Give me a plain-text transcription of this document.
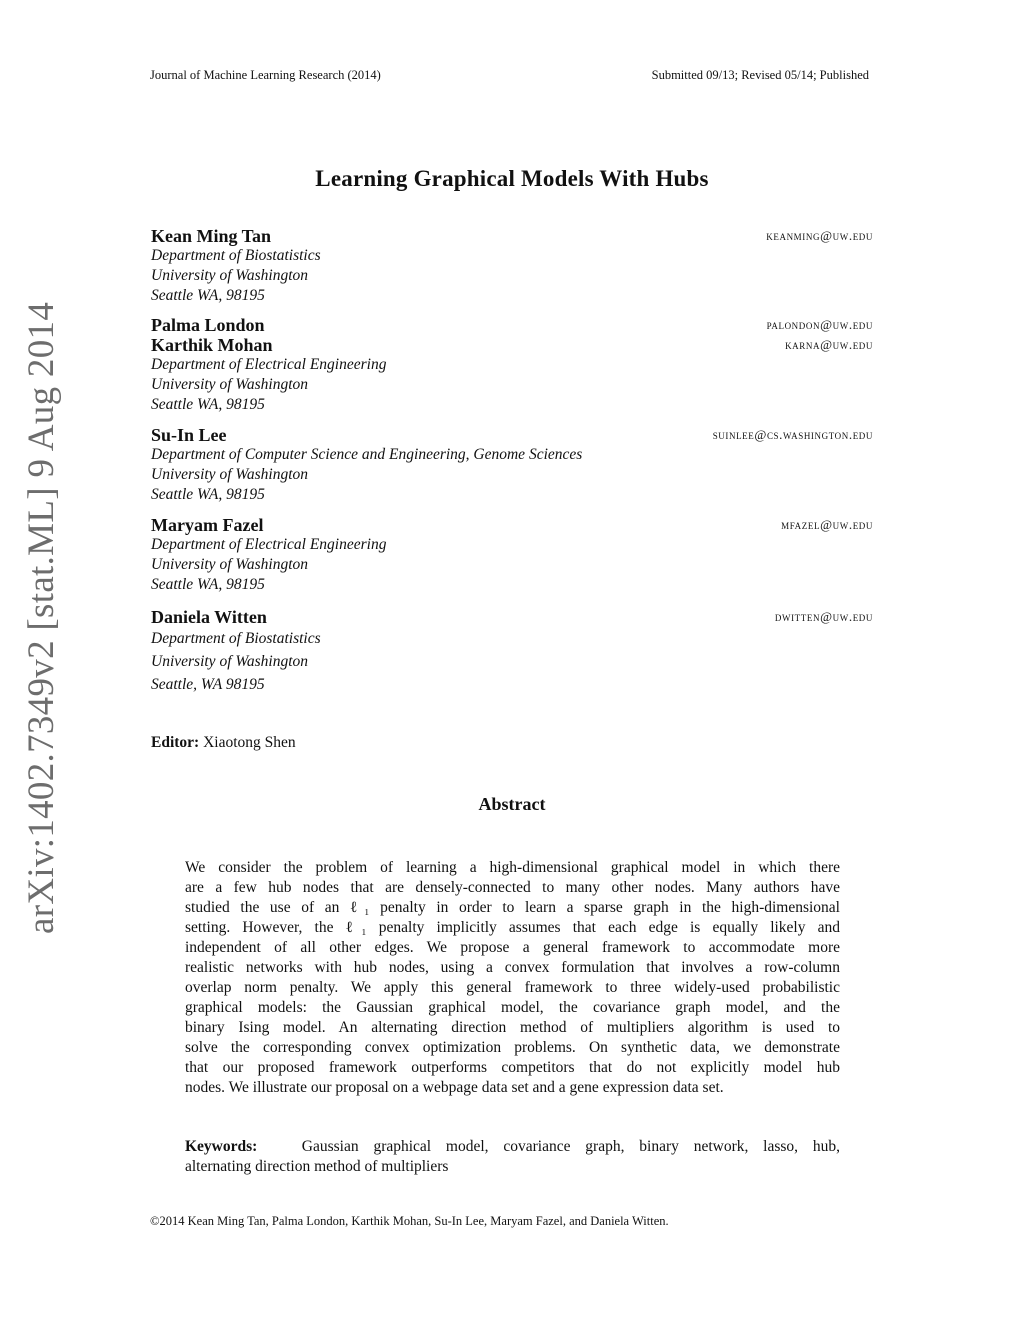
Journal of Machine Learning Research (2014)	Submitted 09/13; Revised 05/14; Published
Learning Graphical Models With Hubs
Kean Ming Tan	keanming@uw.edu
Department of Biostatistics
University of Washington
Seattle WA, 98195
Palma London	palondon@uw.edu
Karthik Mohan	karna@uw.edu
Department of Electrical Engineering
University of Washington
Seattle WA, 98195
Su-In Lee	suinlee@cs.washington.edu
Department of Computer Science and Engineering, Genome Sciences
University of Washington
Seattle WA, 98195
Maryam Fazel	mfazel@uw.edu
Department of Electrical Engineering
University of Washington
Seattle WA, 98195
Daniela Witten	dwitten@uw.edu
Department of Biostatistics
University of Washington
Seattle, WA 98195
Editor: Xiaotong Shen
Abstract
We consider the problem of learning a high-dimensional graphical model in which there
are a few hub nodes that are densely-connected to many other nodes. Many authors have
studied the use of an ℓ₁ penalty in order to learn a sparse graph in the high-dimensional
setting. However, the ℓ₁ penalty implicitly assumes that each edge is equally likely and
independent of all other edges. We propose a general framework to accommodate more
realistic networks with hub nodes, using a convex formulation that involves a row-column
overlap norm penalty. We apply this general framework to three widely-used probabilistic
graphical models: the Gaussian graphical model, the covariance graph model, and the
binary Ising model. An alternating direction method of multipliers algorithm is used to
solve the corresponding convex optimization problems. On synthetic data, we demonstrate
that our proposed framework outperforms competitors that do not explicitly model hub
nodes. We illustrate our proposal on a webpage data set and a gene expression data set.
Keywords:	Gaussian graphical model, covariance graph, binary network, lasso, hub,
alternating direction method of multipliers
©2014 Kean Ming Tan, Palma London, Karthik Mohan, Su-In Lee, Maryam Fazel, and Daniela Witten.
arXiv:1402.7349v2 [stat.ML] 9 Aug 2014
